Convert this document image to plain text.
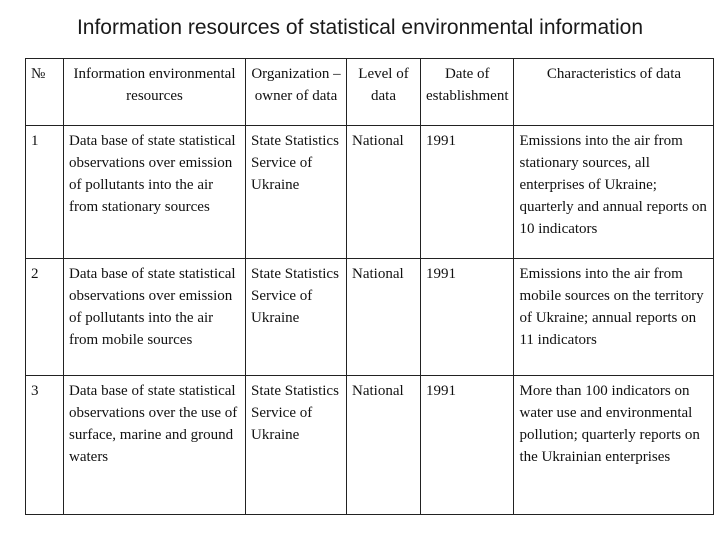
Information resources of statistical environmental information
№	Information environmental resources	Organization – owner of data	Level of data	Date of establishment	Characteristics of data
1	Data base of state statistical observations over emission of pollutants into the air from stationary sources	State Statistics Service of Ukraine	National	1991	Emissions into the air from stationary sources, all enterprises of Ukraine; quarterly and annual reports on 10 indicators
2	Data base of state statistical observations over emission of pollutants into the air from mobile sources	State Statistics Service of Ukraine	National	1991	Emissions into the air from mobile sources on the territory of Ukraine; annual reports on 11 indicators
3	Data base of state statistical observations over the use of surface, marine and ground waters	State Statistics Service of Ukraine	National	1991	More than 100 indicators on water use and environmental pollution; quarterly reports on the Ukrainian enterprises
